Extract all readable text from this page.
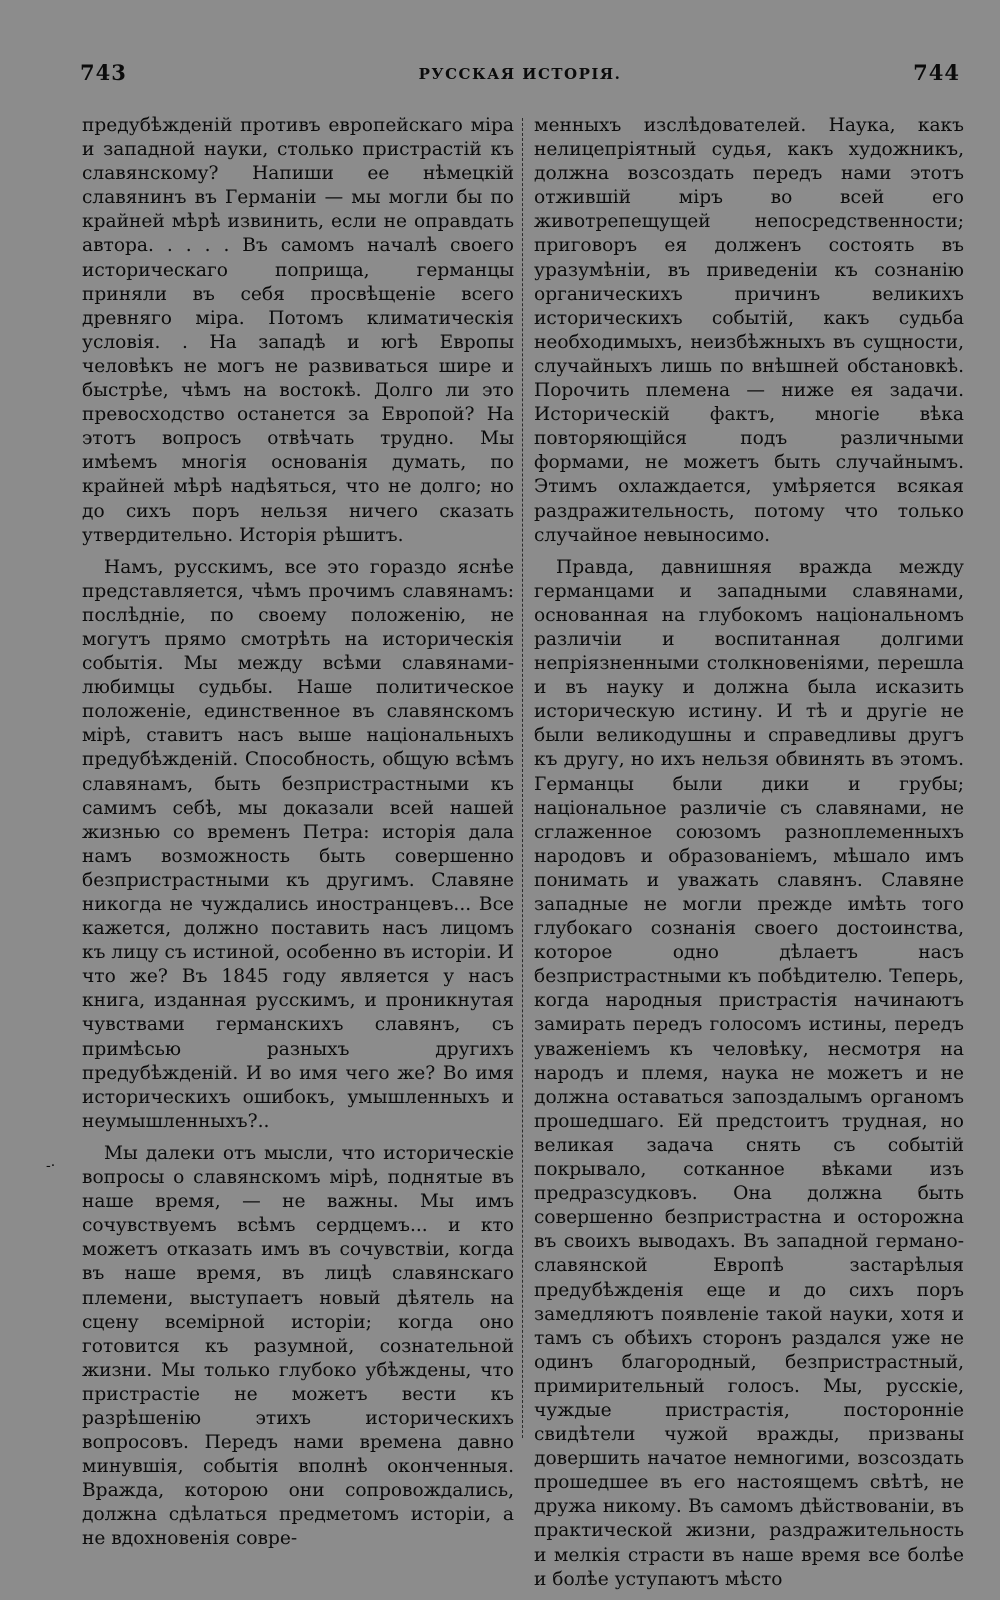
743	РУССКАЯ ИСТОРІЯ.	744

предубѣжденій противъ европейскаго міра и западной науки, столько пристрастій къ славянскому? Напиши ее нѣмецкій славянинъ въ Германіи — мы могли бы по крайней мѣрѣ извинить, если не оправдать автора. . . . . Въ самомъ началѣ своего историческаго поприща, германцы приняли въ себя просвѣщеніе всего древняго міра. Потомъ климатическія условія. . На западѣ и югѣ Европы человѣкъ не могъ не развиваться шире и быстрѣе, чѣмъ на востокѣ. Долго ли это превосходство останется за Европой? На этотъ вопросъ отвѣчать трудно. Мы имѣемъ многія основанія думать, по крайней мѣрѣ надѣяться, что не долго; но до сихъ поръ нельзя ничего сказать утвердительно. Исторія рѣшитъ.

Намъ, русскимъ, все это гораздо яснѣе представляется, чѣмъ прочимъ славянамъ: послѣдніе, по своему положенію, не могутъ прямо смотрѣть на историческія событія. Мы между всѣми славянами-любимцы судьбы. Наше политическое положеніе, единственное въ славянскомъ мірѣ, ставитъ насъ выше національныхъ предубѣжденій. Способность, общую всѣмъ славянамъ, быть безпристрастными къ самимъ себѣ, мы доказали всей нашей жизнью со временъ Петра: исторія дала намъ возможность быть совершенно безпристрастными къ другимъ. Славяне никогда не чуждались иностранцевъ... Все кажется, должно поставить насъ лицомъ къ лицу съ истиной, особенно въ исторіи. И что же? Въ 1845 году является у насъ книга, изданная русскимъ, и проникнутая чувствами германскихъ славянъ, съ примѣсью разныхъ другихъ предубѣжденій. И во имя чего же? Во имя историческихъ ошибокъ, умышленныхъ и неумышленныхъ?..

Мы далеки отъ мысли, что историческіе вопросы о славянскомъ мірѣ, поднятые въ наше время, — не важны. Мы имъ сочувствуемъ всѣмъ сердцемъ... и кто можетъ отказать имъ въ сочувствіи, когда въ наше время, въ лицѣ славянскаго племени, выступаетъ новый дѣятель на сцену всемірной исторіи; когда оно готовится къ разумной, сознательной жизни. Мы только глубоко убѣждены, что пристрастіе не можетъ вести къ разрѣшенію этихъ историческихъ вопросовъ. Передъ нами времена давно минувшія, событія вполнѣ оконченныя. Вражда, которою они сопровождались, должна сдѣлаться предметомъ исторіи, а не вдохновенія совре-

-·

менныхъ изслѣдователей. Наука, какъ нелицепріятный судья, какъ художникъ, должна возсоздать передъ нами этотъ отжившій міръ во всей его животрепещущей непосредственности; приговоръ ея долженъ состоять въ уразумѣніи, въ приведеніи къ сознанію органическихъ причинъ великихъ историческихъ событій, какъ судьба необходимыхъ, неизбѣжныхъ въ сущности, случайныхъ лишь по внѣшней обстановкѣ. Порочить племена — ниже ея задачи. Историческій фактъ, многіе вѣка повторяющійся подъ различными формами, не можетъ быть случайнымъ. Этимъ охлаждается, умѣряется всякая раздражительность, потому что только случайное невыносимо.

Правда, давнишняя вражда между германцами и западными славянами, основанная на глубокомъ національномъ различіи и воспитанная долгими непріязненными столкновеніями, перешла и въ науку и должна была исказить историческую истину. И тѣ и другіе не были великодушны и справедливы другъ къ другу, но ихъ нельзя обвинять въ этомъ. Германцы были дики и грубы; національное различіе съ славянами, не сглаженное союзомъ разноплеменныхъ народовъ и образованіемъ, мѣшало имъ понимать и уважать славянъ. Славяне западные не могли прежде имѣть того глубокаго сознанія своего достоинства, которое одно дѣлаетъ насъ безпристрастными къ побѣдителю. Теперь, когда народныя пристрастія начинаютъ замирать передъ голосомъ истины, передъ уваженіемъ къ человѣку, несмотря на народъ и племя, наука не можетъ и не должна оставаться запоздалымъ органомъ прошедшаго. Ей предстоитъ трудная, но великая задача снять съ событій покрывало, сотканное вѣками изъ предразсудковъ. Она должна быть совершенно безпристрастна и осторожна въ своихъ выводахъ. Въ западной германо-славянской Европѣ застарѣлыя предубѣжденія еще и до сихъ поръ замедляютъ появленіе такой науки, хотя и тамъ съ обѣихъ сторонъ раздался уже не одинъ благородный, безпристрастный, примирительный голосъ. Мы, русскіе, чуждые пристрастія, посторонніе свидѣтели чужой вражды, призваны довершить начатое немногими, возсоздать прошедшее въ его настоящемъ свѣтѣ, не дружа никому. Въ самомъ дѣйствованіи, въ практической жизни, раздражительность и мелкія страсти въ наше время все болѣе и болѣе уступаютъ мѣсто
